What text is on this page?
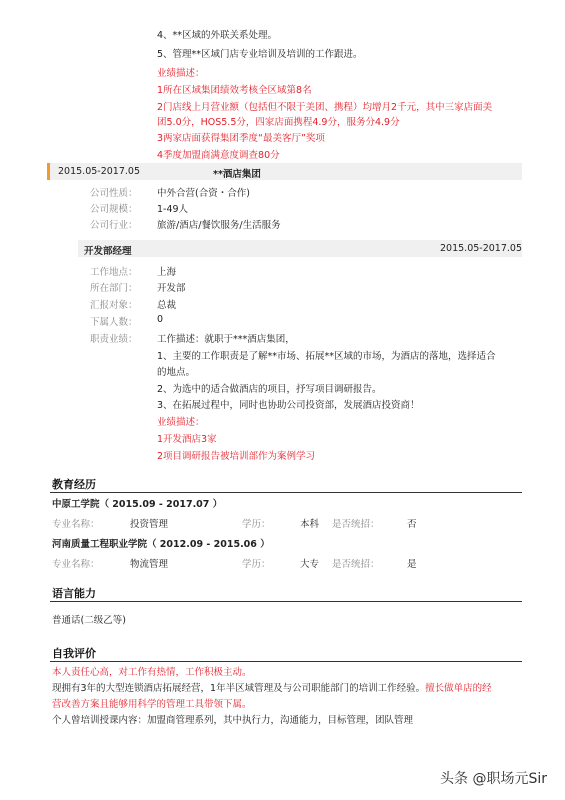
4、**区域的外联关系处理。
5、管理**区域门店专业培训及培训的工作跟进。
业绩描述：
1所在区域集团绩效考核全区域第8名
2门店线上月营业额（包括但不限于美团、携程）均增月2千元，其中三家店面美
团5.0分，HOS5.5分，四家店面携程4.9分，服务分4.9分
3两家店面获得集团季度“最美客厅”奖项
4季度加盟商满意度调查80分
2015.05-2017.05	**酒店集团
公司性质： 中外合营(合资・合作)
公司规模： 1-49人
公司行业： 旅游/酒店/餐饮服务/生活服务
开发部经理	2015.05-2017.05
工作地点： 上海
所在部门： 开发部
汇报对象： 总裁
下属人数： 0
职责业绩： 工作描述：就职于***酒店集团，
1、主要的工作职责是了解**市场、拓展**区域的市场，为酒店的落地，选择适合
的地点。
2、为选中的适合做酒店的项目，抒写项目调研报告。
3、在拓展过程中，同时也协助公司投资部，发展酒店投资商！
业绩描述：
1开发酒店3家
2项目调研报告被培训部作为案例学习
教育经历
中原工学院（ 2015.09 - 2017.07 ）
专业名称：	投资管理	学历：	本科 是否统招：	否
河南质量工程职业学院（ 2012.09 - 2015.06 ）
专业名称：	物流管理	学历：	大专 是否统招：	是
语言能力
普通话(二级乙等)
自我评价
本人责任心高，对工作有热情，工作积极主动。
现拥有3年的大型连锁酒店拓展经营，1年半区域管理及与公司职能部门的培训工作经验。擅长做单店的经
营改善方案且能够用科学的管理工具带领下属。
个人曾培训授课内容：加盟商管理系列，其中执行力，沟通能力，目标管理，团队管理
头条 @职场元Sir
